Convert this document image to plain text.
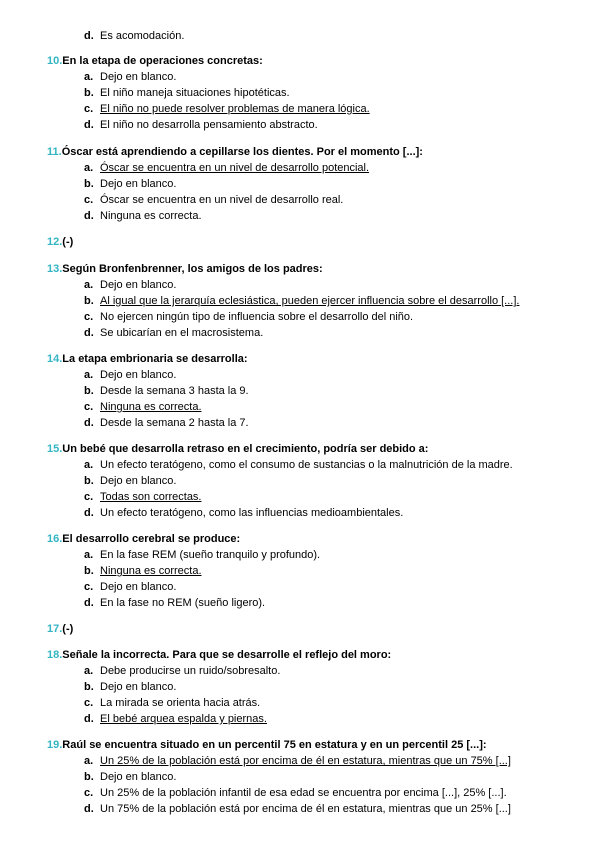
d. Es acomodación.
10.En la etapa de operaciones concretas:
a. Dejo en blanco.
b. El niño maneja situaciones hipotéticas.
c. El niño no puede resolver problemas de manera lógica.
d. El niño no desarrolla pensamiento abstracto.
11.Óscar está aprendiendo a cepillarse los dientes. Por el momento [...]:
a. Óscar se encuentra en un nivel de desarrollo potencial.
b. Dejo en blanco.
c. Óscar se encuentra en un nivel de desarrollo real.
d. Ninguna es correcta.
12.(-)
13.Según Bronfenbrenner, los amigos de los padres:
a. Dejo en blanco.
b. Al igual que la jerarquía eclesiástica, pueden ejercer influencia sobre el desarrollo [...].
c. No ejercen ningún tipo de influencia sobre el desarrollo del niño.
d. Se ubicarían en el macrosistema.
14.La etapa embrionaria se desarrolla:
a. Dejo en blanco.
b. Desde la semana 3 hasta la 9.
c. Ninguna es correcta.
d. Desde la semana 2 hasta la 7.
15.Un bebé que desarrolla retraso en el crecimiento, podría ser debido a:
a. Un efecto teratógeno, como el consumo de sustancias o la malnutrición de la madre.
b. Dejo en blanco.
c. Todas son correctas.
d. Un efecto teratógeno, como las influencias medioambientales.
16.El desarrollo cerebral se produce:
a. En la fase REM (sueño tranquilo y profundo).
b. Ninguna es correcta.
c. Dejo en blanco.
d. En la fase no REM (sueño ligero).
17.(-)
18.Señale la incorrecta. Para que se desarrolle el reflejo del moro:
a. Debe producirse un ruido/sobresalto.
b. Dejo en blanco.
c. La mirada se orienta hacia atrás.
d. El bebé arquea espalda y piernas.
19.Raúl se encuentra situado en un percentil 75 en estatura y en un percentil 25 [...]:
a. Un 25% de la población está por encima de él en estatura, mientras que un 75% [...]
b. Dejo en blanco.
c. Un 25% de la población infantil de esa edad se encuentra por encima [...], 25% [...].
d. Un 75% de la población está por encima de él en estatura, mientras que un 25% [...]
